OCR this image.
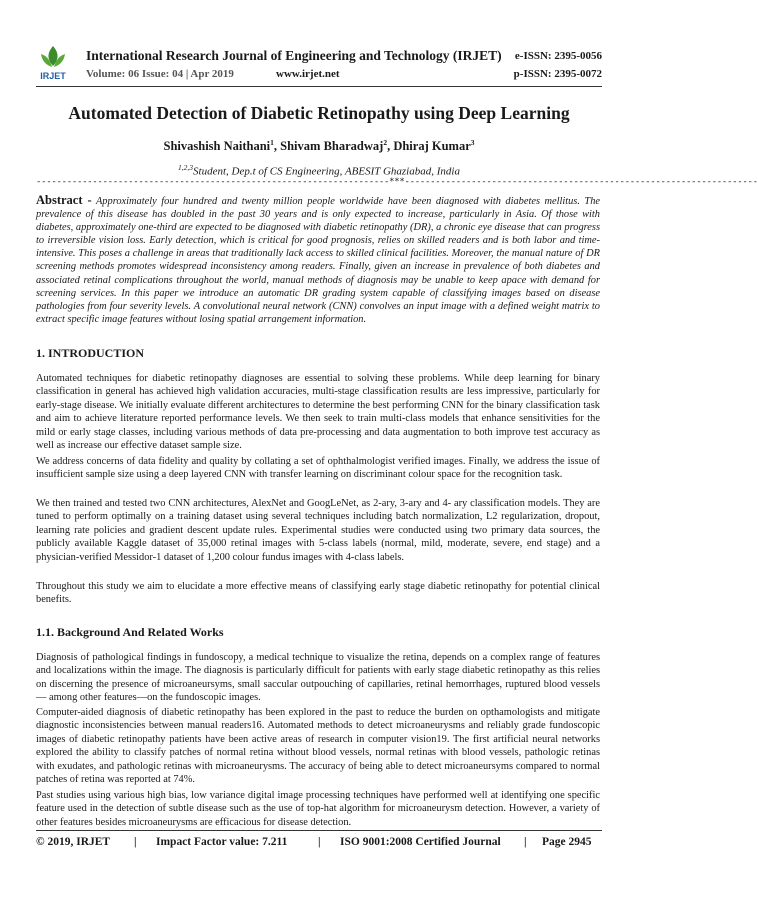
IRJET
International Research Journal of Engineering and Technology (IRJET)
Volume: 06 Issue: 04 | Apr 2019	www.irjet.net
e-ISSN: 2395-0056
p-ISSN: 2395-0072
Automated Detection of Diabetic Retinopathy using Deep Learning
Shivashish Naithani$^1$, Shivam Bharadwaj$^2$, Dhiraj Kumar$^3$
$^{1,2,3}$Student, Dep.t of CS Engineering, ABESIT Ghaziabad, India
---------------------------------------------------------------------***---------------------------------------------------------------------
Abstract - Approximately four hundred and twenty million people worldwide have been diagnosed with diabetes mellitus. The prevalence of this disease has doubled in the past 30 years and is only expected to increase, particularly in Asia. Of those with diabetes, approximately one-third are expected to be diagnosed with diabetic retinopathy (DR), a chronic eye disease that can progress to irreversible vision loss. Early detection, which is critical for good prognosis, relies on skilled readers and is both labor and time-intensive. This poses a challenge in areas that traditionally lack access to skilled clinical facilities. Moreover, the manual nature of DR screening methods promotes widespread inconsistency among readers. Finally, given an increase in prevalence of both diabetes and associated retinal complications throughout the world, manual methods of diagnosis may be unable to keep apace with demand for screening services. In this paper we introduce an automatic DR grading system capable of classifying images based on disease pathologies from four severity levels. A convolutional neural network (CNN) convolves an input image with a defined weight matrix to extract specific image features without losing spatial arrangement information.
1. INTRODUCTION

Automated techniques for diabetic retinopathy diagnoses are essential to solving these problems. While deep learning for binary classification in general has achieved high validation accuracies, multi-stage classification results are less impressive, particularly for early-stage disease. We initially evaluate different architectures to determine the best performing CNN for the binary classification task and aim to achieve literature reported performance levels. We then seek to train multi-class models that enhance sensitivities for the mild or early stage classes, including various methods of data pre-processing and data augmentation to both improve test accuracy as well as increase our effective dataset sample size.

We address concerns of data fidelity and quality by collating a set of ophthalmologist verified images. Finally, we address the issue of insufficient sample size using a deep layered CNN with transfer learning on discriminant colour space for the recognition task.

We then trained and tested two CNN architectures, AlexNet and GoogLeNet, as 2-ary, 3-ary and 4- ary classification models. They are tuned to perform optimally on a training dataset using several techniques including batch normalization, L2 regularization, dropout, learning rate policies and gradient descent update rules. Experimental studies were conducted using two primary data sources, the publicly available Kaggle dataset of 35,000 retinal images with 5-class labels (normal, mild, moderate, severe, end stage) and a physician-verified Messidor-1 dataset of 1,200 colour fundus images with 4-class labels.

Throughout this study we aim to elucidate a more effective means of classifying early stage diabetic retinopathy for potential clinical benefits.

1.1. Background And Related Works

Diagnosis of pathological findings in fundoscopy, a medical technique to visualize the retina, depends on a complex range of features and localizations within the image. The diagnosis is particularly difficult for patients with early stage diabetic retinopathy as this relies on discerning the presence of microaneursyms, small saccular outpouching of capillaries, retinal hemorrhages, ruptured blood vessels— among other features—on the fundoscopic images.

Computer-aided diagnosis of diabetic retinopathy has been explored in the past to reduce the burden on opthamologists and mitigate diagnostic inconsistencies between manual readers16. Automated methods to detect microaneurysms and reliably grade fundoscopic images of diabetic retinopathy patients have been active areas of research in computer vision19. The first artificial neural networks explored the ability to classify patches of normal retina without blood vessels, normal retinas with blood vessels, pathologic retinas with exudates, and pathologic retinas with microaneurysms. The accuracy of being able to detect microaneursyms compared to normal patches of retina was reported at 74%.

Past studies using various high bias, low variance digital image processing techniques have performed well at identifying one specific feature used in the detection of subtle disease such as the use of top-hat algorithm for microaneurysm detection. However, a variety of other features besides microaneurysms are efficacious for disease detection.

© 2019, IRJET | Impact Factor value: 7.211	| ISO 9001:2008 Certified Journal | Page 2945
